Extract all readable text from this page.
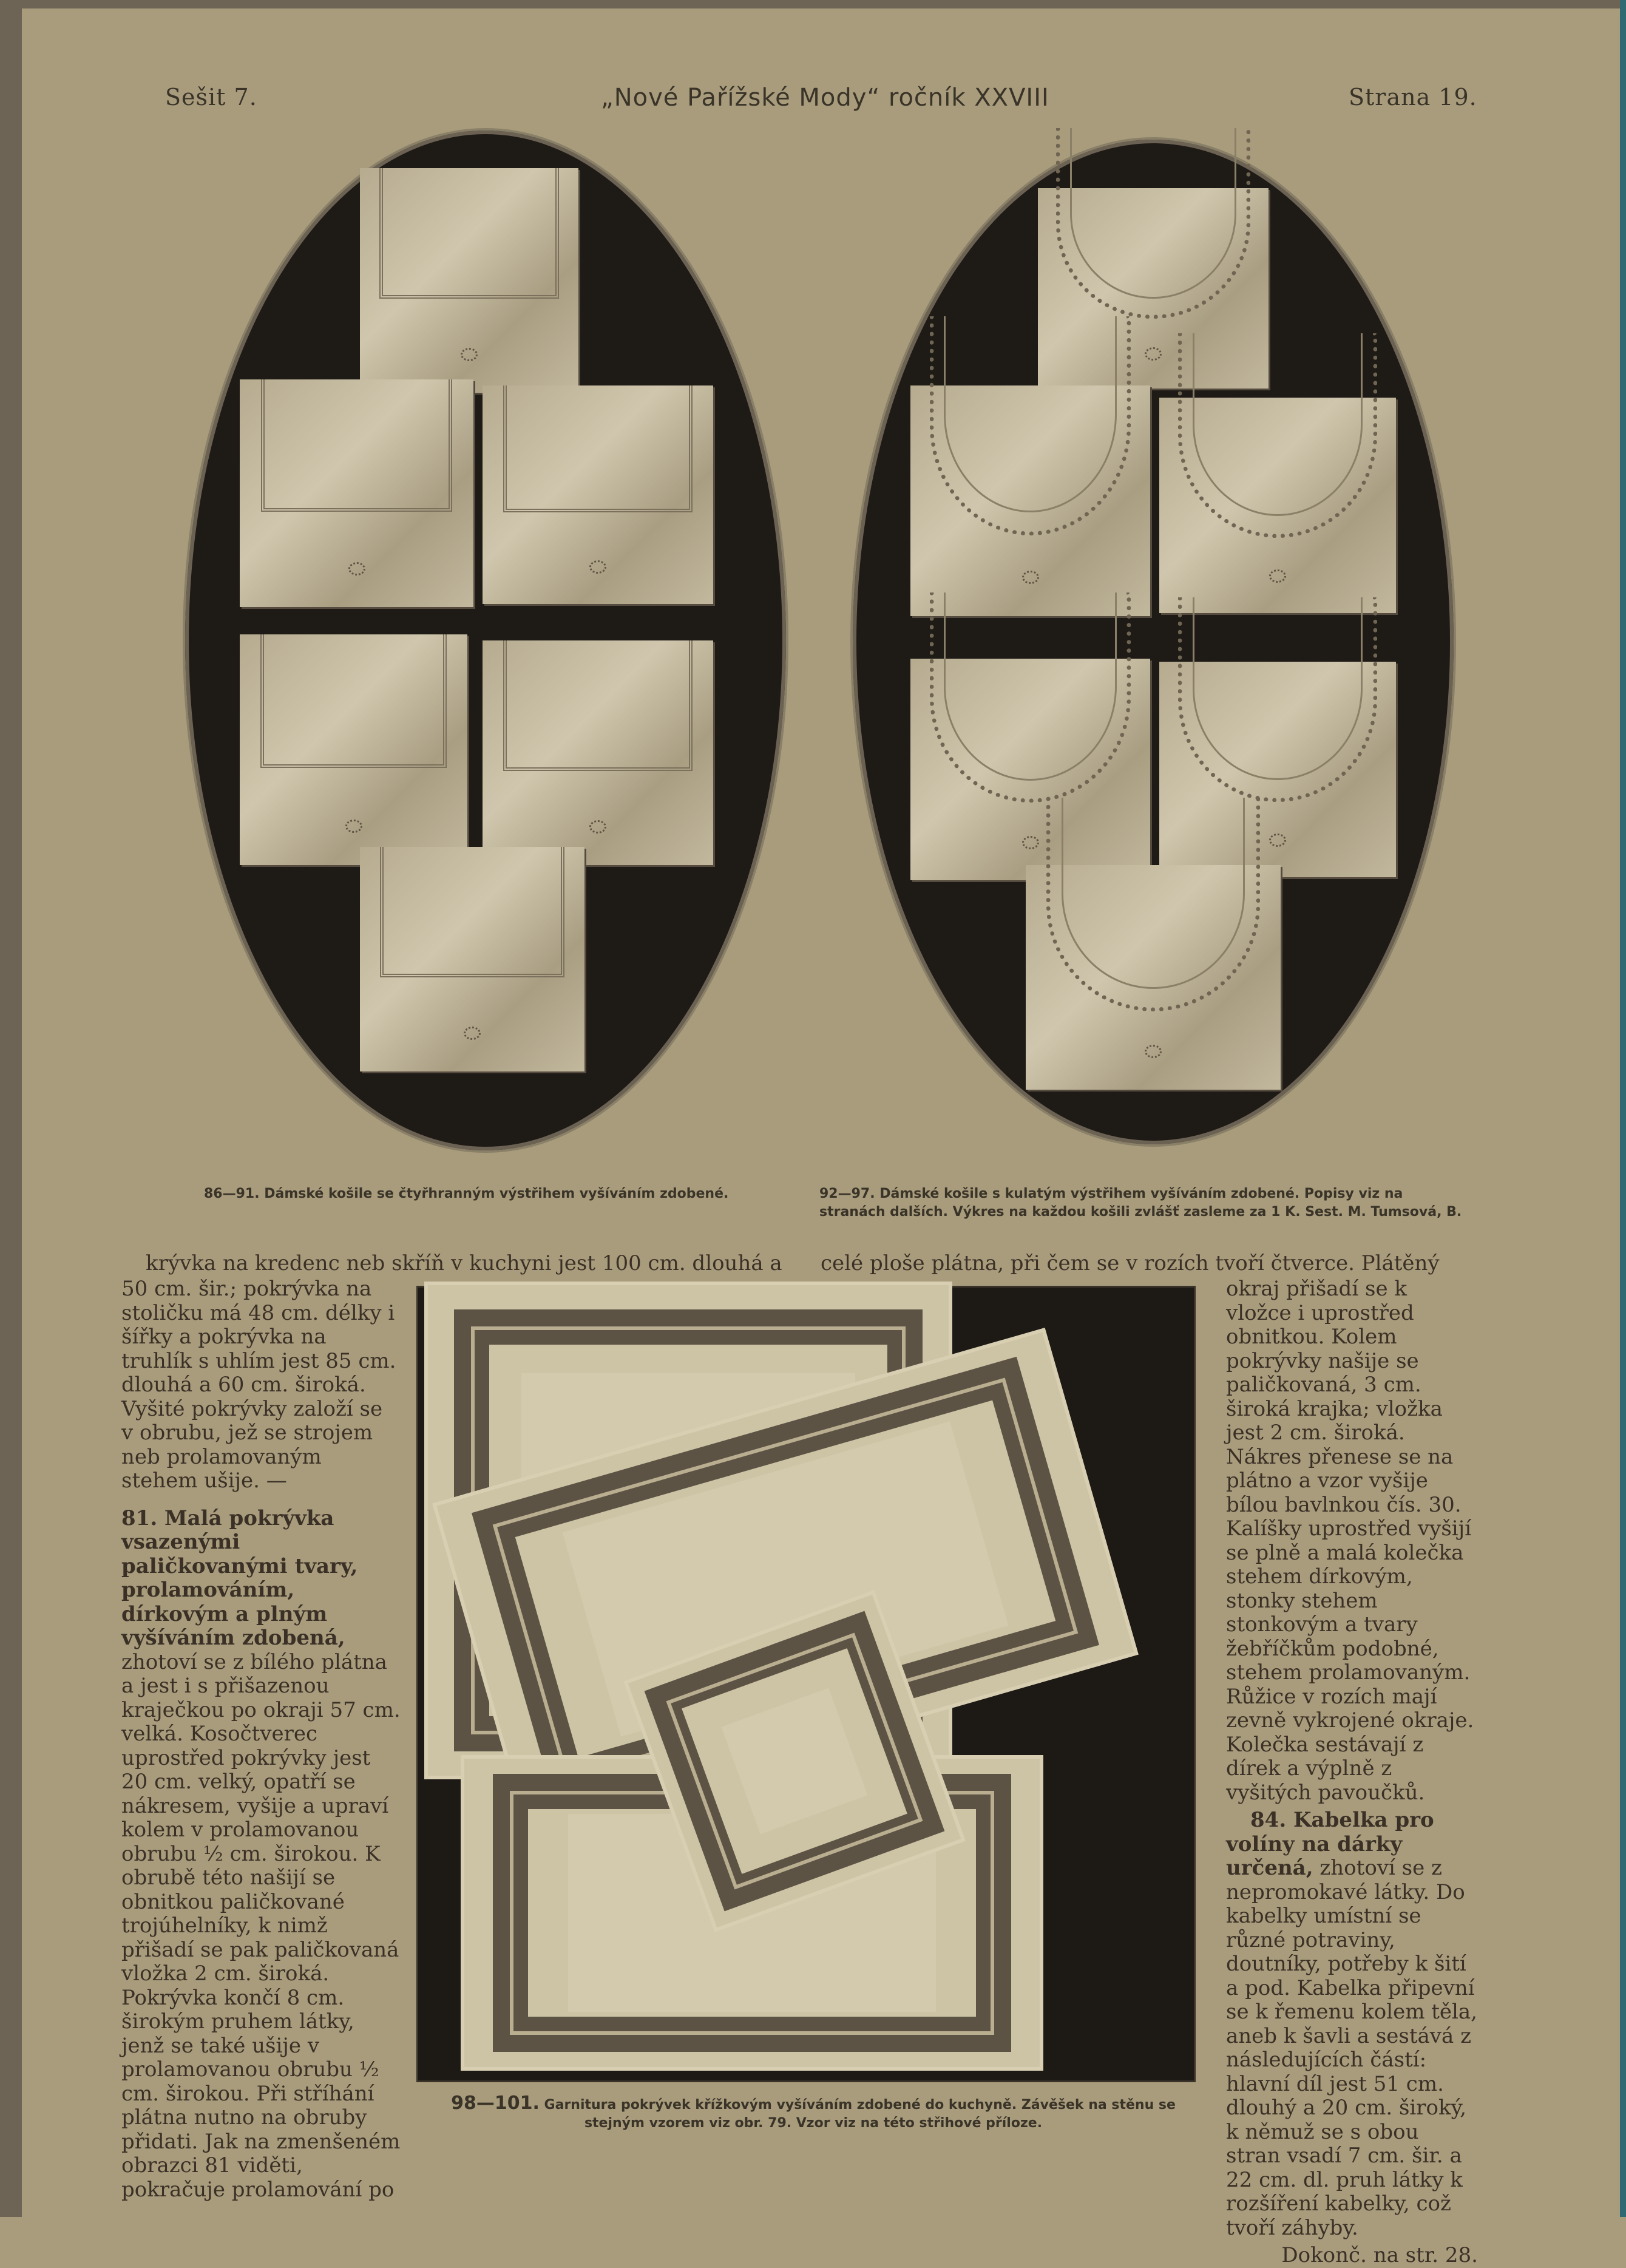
Sešit 7.	„Nové Pařížské Mody“ ročník XXVIII	Strana 19.
86—91. Dámské košile se čtyřhranným výstřihem vyšíváním zdobené.	92—97. Dámské košile s kulatým výstřihem vyšíváním zdobené. Popisy viz na stranách dalších. Výkres na každou košili zvlášť zasleme za 1 K. Sest. M. Tumsová, B.
krývka na kredenc neb skříň v kuchyni jest 100 cm. dlouhá a celé ploše plátna, při čem se v rozích tvoří čtverce. Plátěný

50 cm. šir.; pokrývka na stoličku má 48 cm. délky i šířky a pokrývka na truhlík s uhlím jest 85 cm. dlouhá a 60 cm. široká. Vyšité pokrývky založí se v obrubu, jež se strojem neb prolamovaným stehem ušije. —

81. Malá pokrývka vsazenými paličkovanými tvary, prolamováním, dírkovým a plným vyšíváním zdobená, zhotoví se z bílého plátna a jest i s přišazenou kraječkou po okraji 57 cm. velká. Kosočtverec uprostřed pokrývky jest 20 cm. velký, opatří se nákresem, vyšije a upraví kolem v prolamovanou obrubu ½ cm. širokou. K obrubě této našijí se obnitkou paličkované trojúhelníky, k nimž přišadí se pak paličkovaná vložka 2 cm. široká. Pokrývka končí 8 cm. širokým pruhem látky, jenž se také ušije v prolamovanou obrubu ½ cm. širokou. Při stříhání plátna nutno na obruby přidati. Jak na zmenšeném obrazci 81 viděti, pokračuje prolamování po

98—101. Garnitura pokrývek křížkovým vyšíváním zdobené do kuchyně. Závěšek na stěnu se stejným vzorem viz obr. 79. Vzor viz na této střihové příloze.

okraj přišadí se k vložce i uprostřed obnitkou. Kolem pokrývky našije se paličkovaná, 3 cm. široká krajka; vložka jest 2 cm. široká. Nákres přenese se na plátno a vzor vyšije bílou bavlnkou čís. 30. Kalíšky uprostřed vyšijí se plně a malá kolečka stehem dírkovým, stonky stehem stonkovým a tvary žebříčkům podobné, stehem prolamovaným. Růžice v rozích mají zevně vykrojené okraje. Kolečka sestávají z dírek a výplně z vyšitých pavoučků.

84. Kabelka pro volíny na dárky určená, zhotoví se z nepromokavé látky. Do kabelky umístní se různé potraviny, doutníky, potřeby k šití a pod. Kabelka připevní se k řemenu kolem těla, aneb k šavli a sestává z následujících částí: hlavní díl jest 51 cm. dlouhý a 20 cm. široký, k němuž se s obou stran vsadí 7 cm. šir. a 22 cm. dl. pruh látky k rozšíření kabelky, což tvoří záhyby.

Dokonč. na str. 28.
